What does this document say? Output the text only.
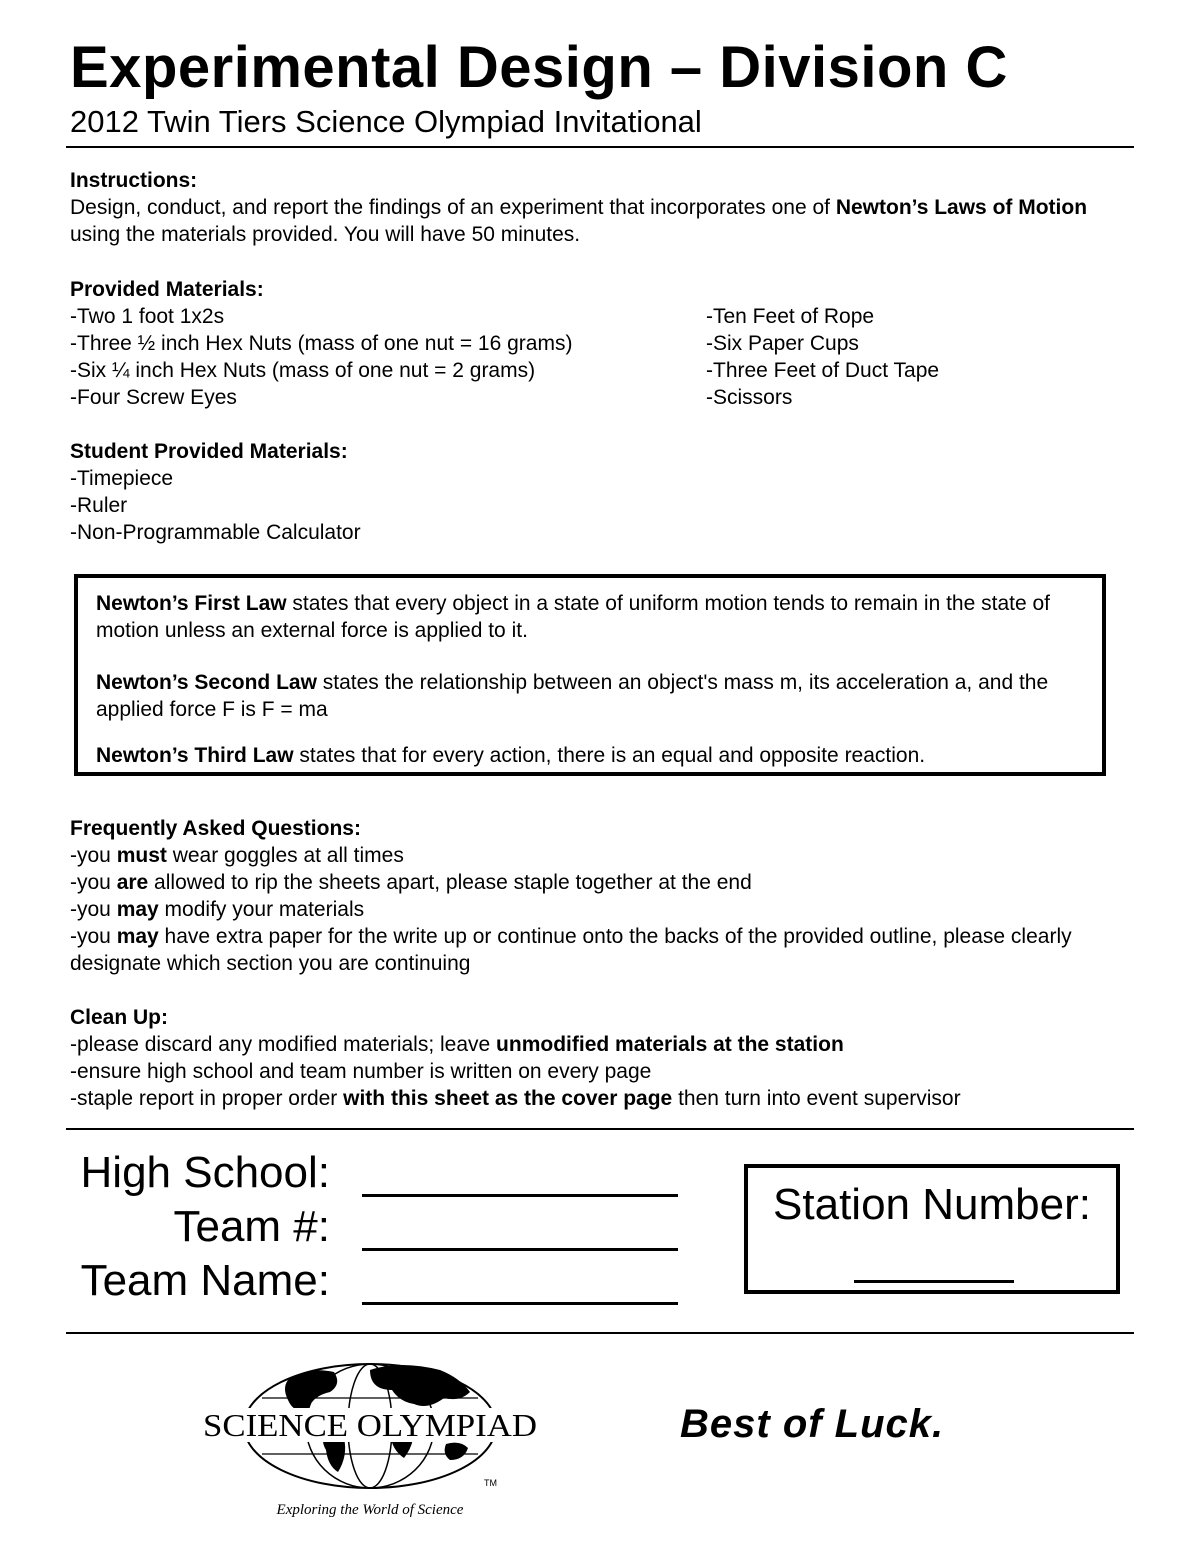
Experimental Design – Division C
2012 Twin Tiers Science Olympiad Invitational
Instructions:
Design, conduct, and report the findings of an experiment that incorporates one of Newton’s Laws of Motion using the materials provided. You will have 50 minutes.
Provided Materials:
-Two 1 foot 1x2s
-Three ½ inch Hex Nuts (mass of one nut = 16 grams)
-Six ¼ inch Hex Nuts (mass of one nut = 2 grams)
-Four Screw Eyes
-Ten Feet of Rope
-Six Paper Cups
-Three Feet of Duct Tape
-Scissors
Student Provided Materials:
-Timepiece
-Ruler
-Non-Programmable Calculator

Newton’s First Law states that every object in a state of uniform motion tends to remain in the state of motion unless an external force is applied to it.

Newton’s Second Law states the relationship between an object's mass m, its acceleration a, and the applied force F is F = ma

Newton’s Third Law states that for every action, there is an equal and opposite reaction.

Frequently Asked Questions:
-you must wear goggles at all times
-you are allowed to rip the sheets apart, please staple together at the end
-you may modify your materials
-you may have extra paper for the write up or continue onto the backs of the provided outline, please clearly designate which section you are continuing
Clean Up:
-please discard any modified materials; leave unmodified materials at the station
-ensure high school and team number is written on every page
-staple report in proper order with this sheet as the cover page then turn into event supervisor
High School:
Team #:
Team Name:
Station Number:
SCIENCE OLYMPIAD
TM
Exploring the World of Science
Best of Luck.
